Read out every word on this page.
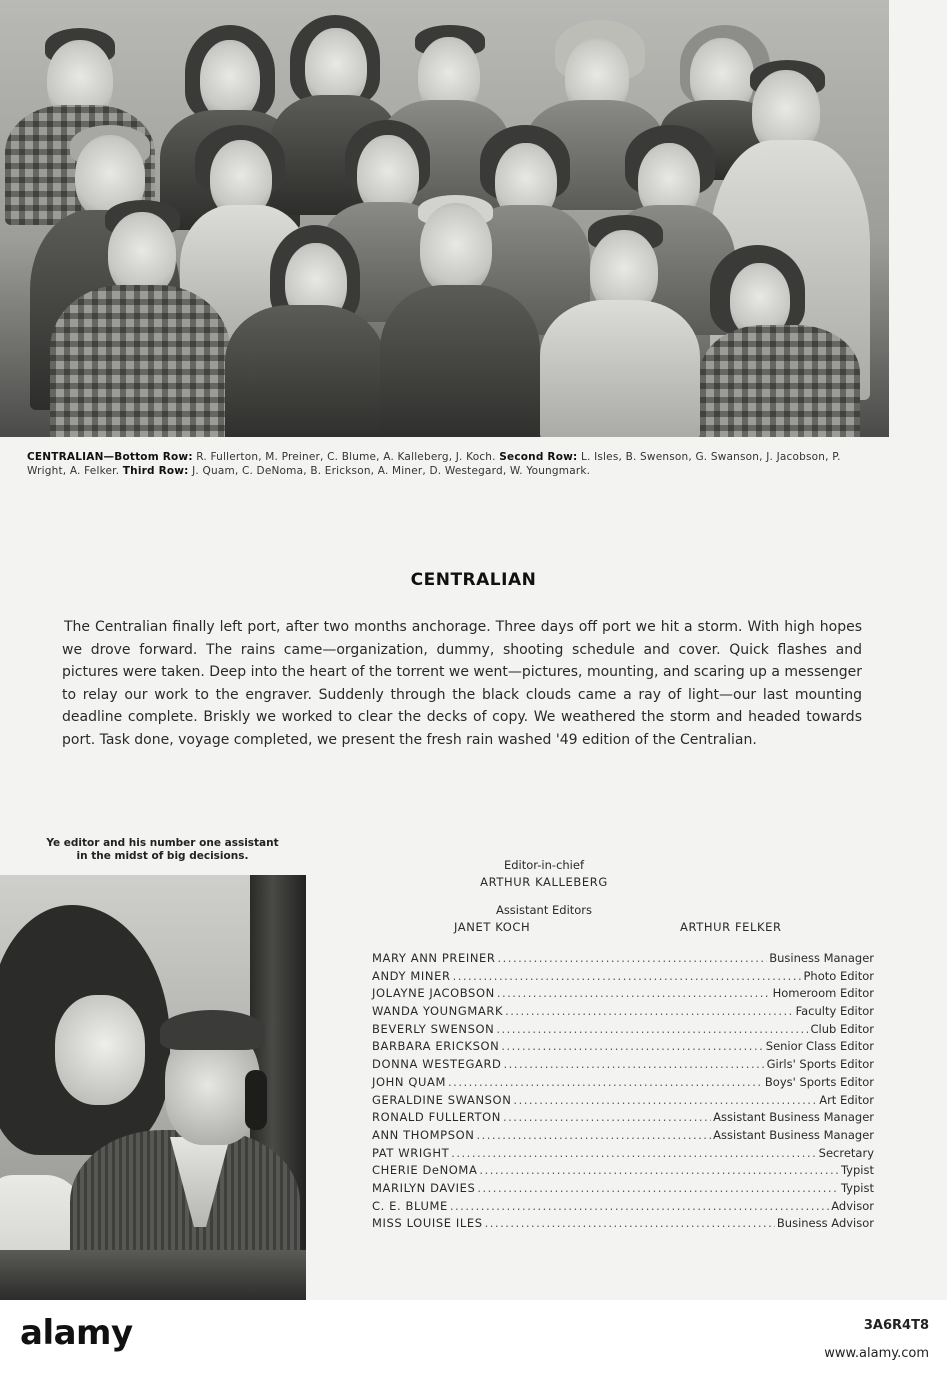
CENTRALIAN—Bottom Row: R. Fullerton, M. Preiner, C. Blume, A. Kalleberg, J. Koch. Second Row: L. Isles, B. Swenson, G. Swanson, J. Jacobson, P. Wright, A. Felker. Third Row: J. Quam, C. DeNoma, B. Erickson, A. Miner, D. Westegard, W. Youngmark.
CENTRALIAN
The Centralian finally left port, after two months anchorage. Three days off port we hit a storm. With high hopes we drove forward. The rains came—organization, dummy, shooting schedule and cover. Quick flashes and pictures were taken. Deep into the heart of the torrent we went—pictures, mounting, and scaring up a messenger to relay our work to the engraver. Suddenly through the black clouds came a ray of light—our last mounting deadline complete. Briskly we worked to clear the decks of copy. We weathered the storm and headed towards port. Task done, voyage completed, we present the fresh rain washed '49 edition of the Centralian.
Ye editor and his number one assistant
in the midst of big decisions.
Editor-in-chief
ARTHUR KALLEBERG
Assistant Editors
JANET KOCH	ARTHUR FELKER
MARY ANN PREINER .....	Business Manager
ANDY MINER .....	Photo Editor
JOLAYNE JACOBSON .....	Homeroom Editor
WANDA YOUNGMARK .....	Faculty Editor
BEVERLY SWENSON .....	Club Editor
BARBARA ERICKSON .....	Senior Class Editor
DONNA WESTEGARD .....	Girls' Sports Editor
JOHN QUAM .....	Boys' Sports Editor
GERALDINE SWANSON .....	Art Editor
RONALD FULLERTON .....	Assistant Business Manager
ANN THOMPSON .....	Assistant Business Manager
PAT WRIGHT .....	Secretary
CHERIE DeNOMA .....	Typist
MARILYN DAVIES .....	Typist
C. E. BLUME .....	Advisor
MISS LOUISE ILES .....	Business Advisor
alamy	3A6R4T8
www.alamy.com
